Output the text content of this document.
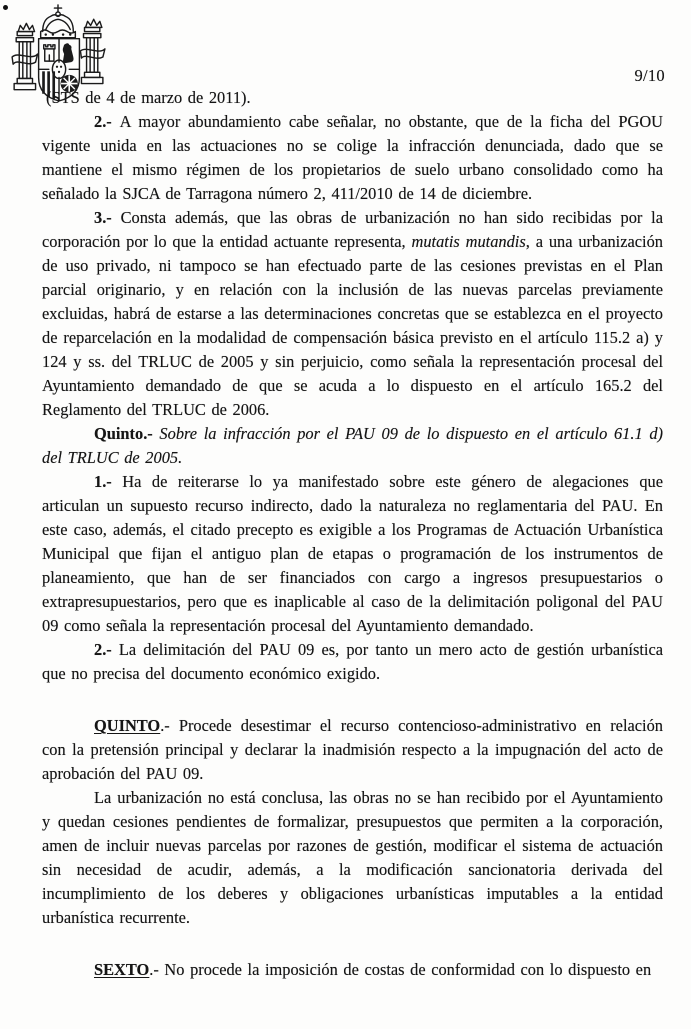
9/10

(STS de 4 de marzo de 2011).

2.- A mayor abundamiento cabe señalar, no obstante, que de la ficha del PGOU vigente unida en las actuaciones no se colige la infracción denunciada, dado que se mantiene el mismo régimen de los propietarios de suelo urbano consolidado como ha señalado la SJCA de Tarragona número 2, 411/2010 de 14 de diciembre.

3.- Consta además, que las obras de urbanización no han sido recibidas por la corporación por lo que la entidad actuante representa, mutatis mutandis, a una urbanización de uso privado, ni tampoco se han efectuado parte de las cesiones previstas en el Plan parcial originario, y en relación con la inclusión de las nuevas parcelas previamente excluidas, habrá de estarse a las determinaciones concretas que se establezca en el proyecto de reparcelación en la modalidad de compensación básica previsto en el artículo 115.2 a) y 124 y ss. del TRLUC de 2005 y sin perjuicio, como señala la representación procesal del Ayuntamiento demandado de que se acuda a lo dispuesto en el artículo 165.2 del Reglamento del TRLUC de 2006.

Quinto.- Sobre la infracción por el PAU 09 de lo dispuesto en el artículo 61.1 d) del TRLUC de 2005.

1.- Ha de reiterarse lo ya manifestado sobre este género de alegaciones que articulan un supuesto recurso indirecto, dado la naturaleza no reglamentaria del PAU. En este caso, además, el citado precepto es exigible a los Programas de Actuación Urbanística Municipal que fijan el antiguo plan de etapas o programación de los instrumentos de planeamiento, que han de ser financiados con cargo a ingresos presupuestarios o extrapresupuestarios, pero que es inaplicable al caso de la delimitación poligonal del PAU 09 como señala la representación procesal del Ayuntamiento demandado.

2.- La delimitación del PAU 09 es, por tanto un mero acto de gestión urbanística que no precisa del documento económico exigido.

QUINTO.- Procede desestimar el recurso contencioso-administrativo en relación con la pretensión principal y declarar la inadmisión respecto a la impugnación del acto de aprobación del PAU 09.

La urbanización no está conclusa, las obras no se han recibido por el Ayuntamiento y quedan cesiones pendientes de formalizar, presupuestos que permiten a la corporación, amen de incluir nuevas parcelas por razones de gestión, modificar el sistema de actuación sin necesidad de acudir, además, a la modificación sancionatoria derivada del incumplimiento de los deberes y obligaciones urbanísticas imputables a la entidad urbanística recurrente.

SEXTO.- No procede la imposición de costas de conformidad con lo dispuesto en
